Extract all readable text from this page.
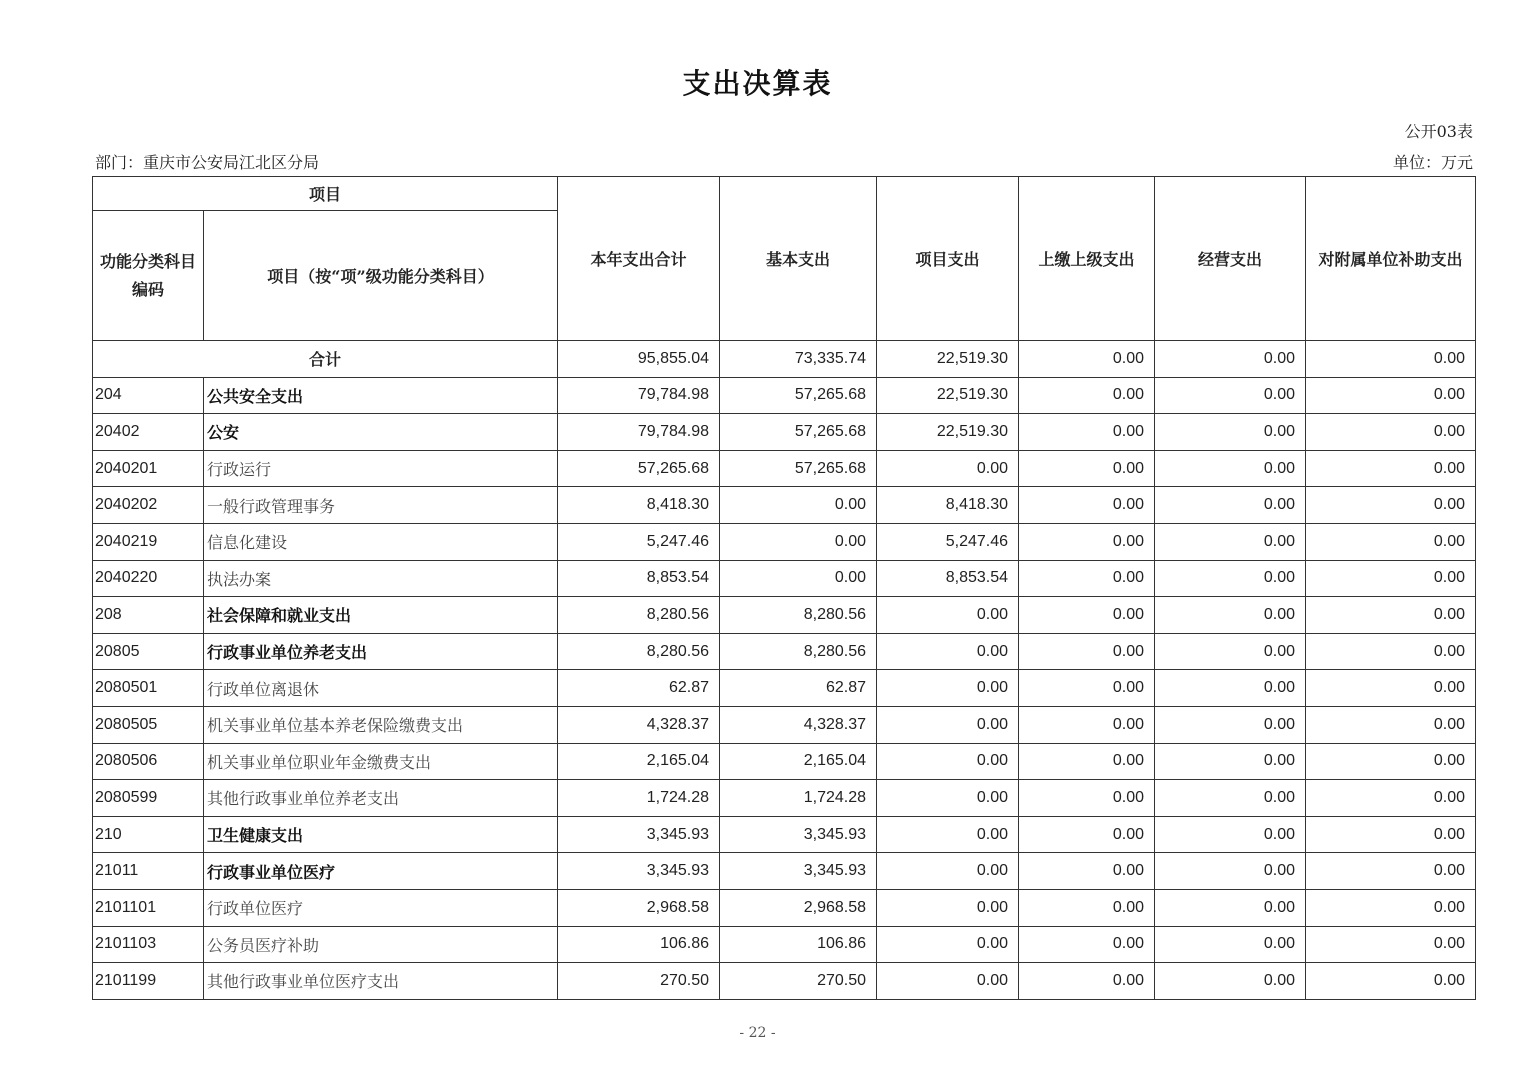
支出决算表
公开03表
部门：重庆市公安局江北区分局	单位：万元
项目		本年支出合计	基本支出	项目支出	上缴上级支出	经营支出	对附属单位补助支出
功能分类科目编码	项目（按“项”级功能分类科目）						
合计		95,855.04	73,335.74	22,519.30	0.00	0.00	0.00
204	公共安全支出	79,784.98	57,265.68	22,519.30	0.00	0.00	0.00
20402	公安	79,784.98	57,265.68	22,519.30	0.00	0.00	0.00
2040201	行政运行	57,265.68	57,265.68	0.00	0.00	0.00	0.00
2040202	一般行政管理事务	8,418.30	0.00	8,418.30	0.00	0.00	0.00
2040219	信息化建设	5,247.46	0.00	5,247.46	0.00	0.00	0.00
2040220	执法办案	8,853.54	0.00	8,853.54	0.00	0.00	0.00
208	社会保障和就业支出	8,280.56	8,280.56	0.00	0.00	0.00	0.00
20805	行政事业单位养老支出	8,280.56	8,280.56	0.00	0.00	0.00	0.00
2080501	行政单位离退休	62.87	62.87	0.00	0.00	0.00	0.00
2080505	机关事业单位基本养老保险缴费支出	4,328.37	4,328.37	0.00	0.00	0.00	0.00
2080506	机关事业单位职业年金缴费支出	2,165.04	2,165.04	0.00	0.00	0.00	0.00
2080599	其他行政事业单位养老支出	1,724.28	1,724.28	0.00	0.00	0.00	0.00
210	卫生健康支出	3,345.93	3,345.93	0.00	0.00	0.00	0.00
21011	行政事业单位医疗	3,345.93	3,345.93	0.00	0.00	0.00	0.00
2101101	行政单位医疗	2,968.58	2,968.58	0.00	0.00	0.00	0.00
2101103	公务员医疗补助	106.86	106.86	0.00	0.00	0.00	0.00
2101199	其他行政事业单位医疗支出	270.50	270.50	0.00	0.00	0.00	0.00
- 22 -
